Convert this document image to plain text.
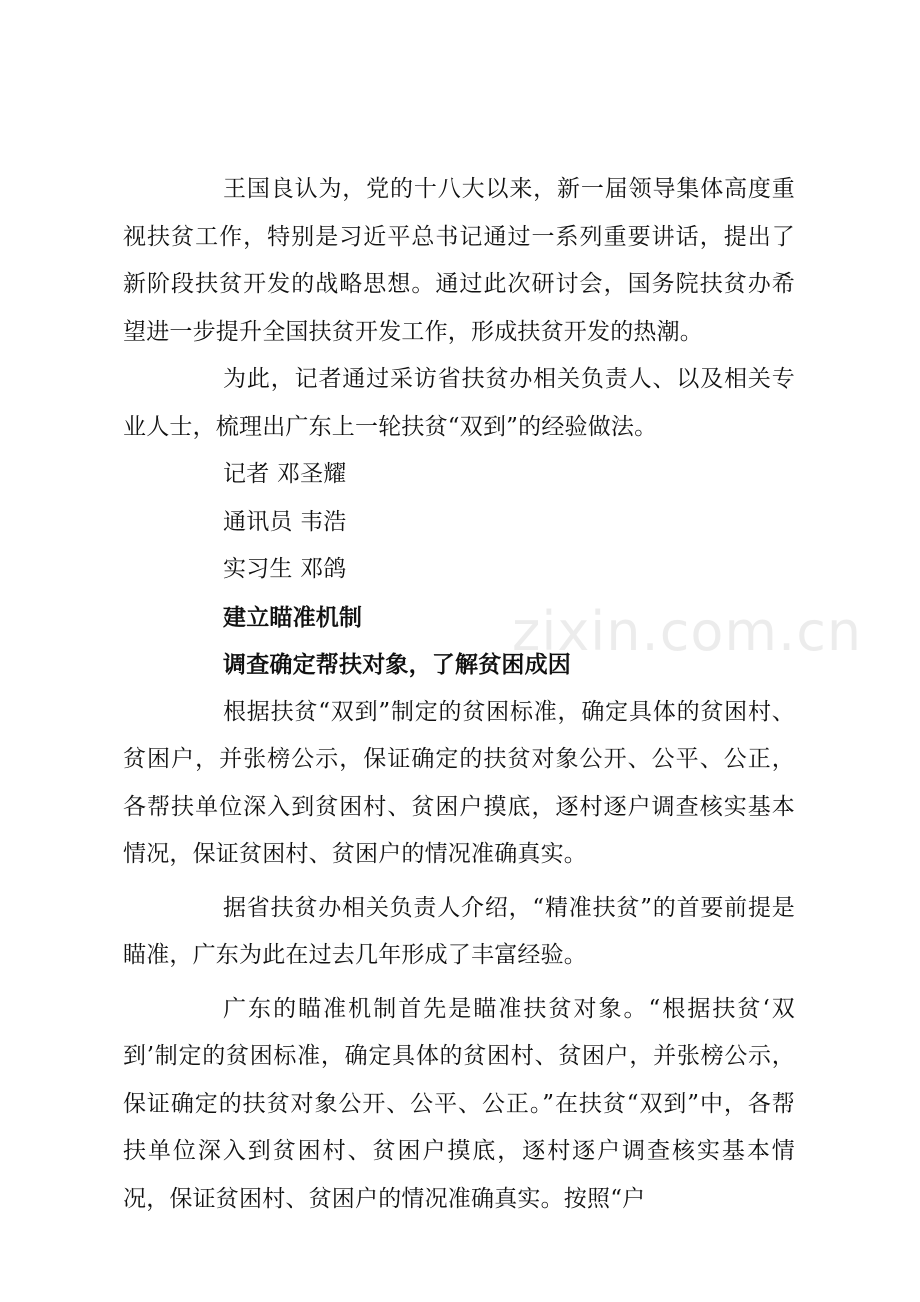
王国良认为，党的十八大以来，新一届领导集体高度重视扶贫工作，特别是习近平总书记通过一系列重要讲话，提出了新阶段扶贫开发的战略思想。通过此次研讨会，国务院扶贫办希望进一步提升全国扶贫开发工作，形成扶贫开发的热潮。

为此，记者通过采访省扶贫办相关负责人、以及相关专业人士，梳理出广东上一轮扶贫“双到”的经验做法。

记者 邓圣耀

通讯员 韦浩

实习生 邓鸽

建立瞄准机制

调查确定帮扶对象，了解贫困成因

根据扶贫“双到”制定的贫困标准，确定具体的贫困村、贫困户，并张榜公示，保证确定的扶贫对象公开、公平、公正，各帮扶单位深入到贫困村、贫困户摸底，逐村逐户调查核实基本情况，保证贫困村、贫困户的情况准确真实。

据省扶贫办相关负责人介绍，“精准扶贫”的首要前提是瞄准，广东为此在过去几年形成了丰富经验。

广东的瞄准机制首先是瞄准扶贫对象。“根据扶贫‘双到’制定的贫困标准，确定具体的贫困村、贫困户，并张榜公示，保证确定的扶贫对象公开、公平、公正。”在扶贫“双到”中，各帮扶单位深入到贫困村、贫困户摸底，逐村逐户调查核实基本情况，保证贫困村、贫困户的情况准确真实。按照“户

zixin.com.cn
